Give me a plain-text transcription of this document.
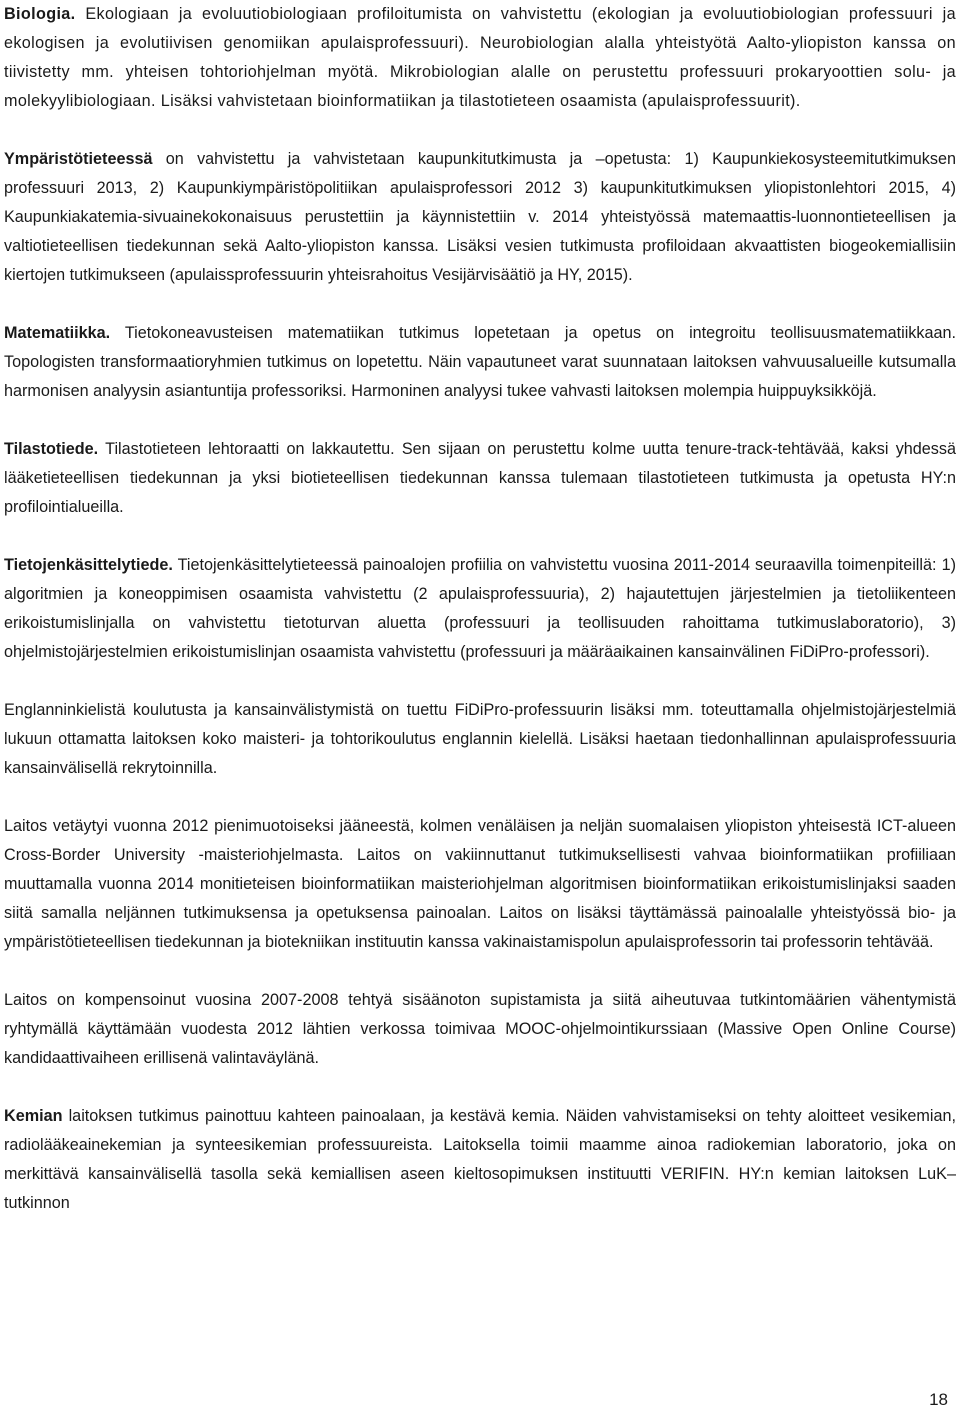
Biologia. Ekologiaan ja evoluutiobiologiaan profiloitumista on vahvistettu (ekologian ja evoluutiobiologian professuuri ja ekologisen ja evolutiivisen genomiikan apulaisprofessuuri). Neurobiologian alalla yhteistyötä Aalto-yliopiston kanssa on tiivistetty mm. yhteisen tohtoriohjelman myötä. Mikrobiologian alalle on perustettu professuuri prokaryoottien solu- ja molekyylibiologiaan. Lisäksi vahvistetaan bioinformatiikan ja tilastotieteen osaamista (apulaisprofessuurit).

Ympäristötieteessä on vahvistettu ja vahvistetaan kaupunkitutkimusta ja –opetusta: 1) Kaupunkiekosysteemitutkimuksen professuuri 2013, 2) Kaupunkiympäristöpolitiikan apulaisprofessori 2012 3) kaupunkitutkimuksen yliopistonlehtori 2015, 4) Kaupunkiakatemia-sivuainekokonaisuus perustettiin ja käynnistettiin v. 2014 yhteistyössä matemaattis-luonnontieteellisen ja valtiotieteellisen tiedekunnan sekä Aalto-yliopiston kanssa. Lisäksi vesien tutkimusta profiloidaan akvaattisten biogeokemiallisiin kiertojen tutkimukseen (apulaissprofessuurin yhteisrahoitus Vesijärvisäätiö ja HY, 2015).

Matematiikka. Tietokoneavusteisen matematiikan tutkimus lopetetaan ja opetus on integroitu teollisuusmatematiikkaan. Topologisten transformaatioryhmien tutkimus on lopetettu. Näin vapautuneet varat suunnataan laitoksen vahvuusalueille kutsumalla harmonisen analyysin asiantuntija professoriksi. Harmoninen analyysi tukee vahvasti laitoksen molempia huippuyksikköjä.

Tilastotiede. Tilastotieteen lehtoraatti on lakkautettu. Sen sijaan on perustettu kolme uutta tenure-track-tehtävää, kaksi yhdessä lääketieteellisen tiedekunnan ja yksi biotieteellisen tiedekunnan kanssa tulemaan tilastotieteen tutkimusta ja opetusta HY:n profilointialueilla.

Tietojenkäsittelytiede. Tietojenkäsittelytieteessä painoalojen profiilia on vahvistettu vuosina 2011-2014 seuraavilla toimenpiteillä: 1) algoritmien ja koneoppimisen osaamista vahvistettu (2 apulaisprofessuuria), 2) hajautettujen järjestelmien ja tietoliikenteen erikoistumislinjalla on vahvistettu tietoturvan aluetta (professuuri ja teollisuuden rahoittama tutkimuslaboratorio), 3) ohjelmistojärjestelmien erikoistumislinjan osaamista vahvistettu (professuuri ja määräaikainen kansainvälinen FiDiPro-professori).

Englanninkielistä koulutusta ja kansainvälistymistä on tuettu FiDiPro-professuurin lisäksi mm. toteuttamalla ohjelmistojärjestelmiä lukuun ottamatta laitoksen koko maisteri- ja tohtorikoulutus englannin kielellä. Lisäksi haetaan tiedonhallinnan apulaisprofessuuria kansainvälisellä rekrytoinnilla.

Laitos vetäytyi vuonna 2012 pienimuotoiseksi jääneestä, kolmen venäläisen ja neljän suomalaisen yliopiston yhteisestä ICT-alueen Cross-Border University -maisteriohjelmasta. Laitos on vakiinnuttanut tutkimuksellisesti vahvaa bioinformatiikan profiiliaan muuttamalla vuonna 2014 monitieteisen bioinformatiikan maisteriohjelman algoritmisen bioinformatiikan erikoistumislinjaksi saaden siitä samalla neljännen tutkimuksensa ja opetuksensa painoalan. Laitos on lisäksi täyttämässä painoalalle yhteistyössä bio- ja ympäristötieteellisen tiedekunnan ja biotekniikan instituutin kanssa vakinaistamispolun apulaisprofessorin tai professorin tehtävää.

Laitos on kompensoinut vuosina 2007-2008 tehtyä sisäänoton supistamista ja siitä aiheutuvaa tutkintomäärien vähentymistä ryhtymällä käyttämään vuodesta 2012 lähtien verkossa toimivaa MOOC-ohjelmointikurssiaan (Massive Open Online Course) kandidaattivaiheen erillisenä valintaväylänä.

Kemian laitoksen tutkimus painottuu kahteen painoalaan, ja kestävä kemia. Näiden vahvistamiseksi on tehty aloitteet vesikemian, radiolääkeainekemian ja synteesikemian professuureista. Laitoksella toimii maamme ainoa radiokemian laboratorio, joka on merkittävä kansainvälisellä tasolla sekä kemiallisen aseen kieltosopimuksen instituutti VERIFIN. HY:n kemian laitoksen LuK–tutkinnon

18
